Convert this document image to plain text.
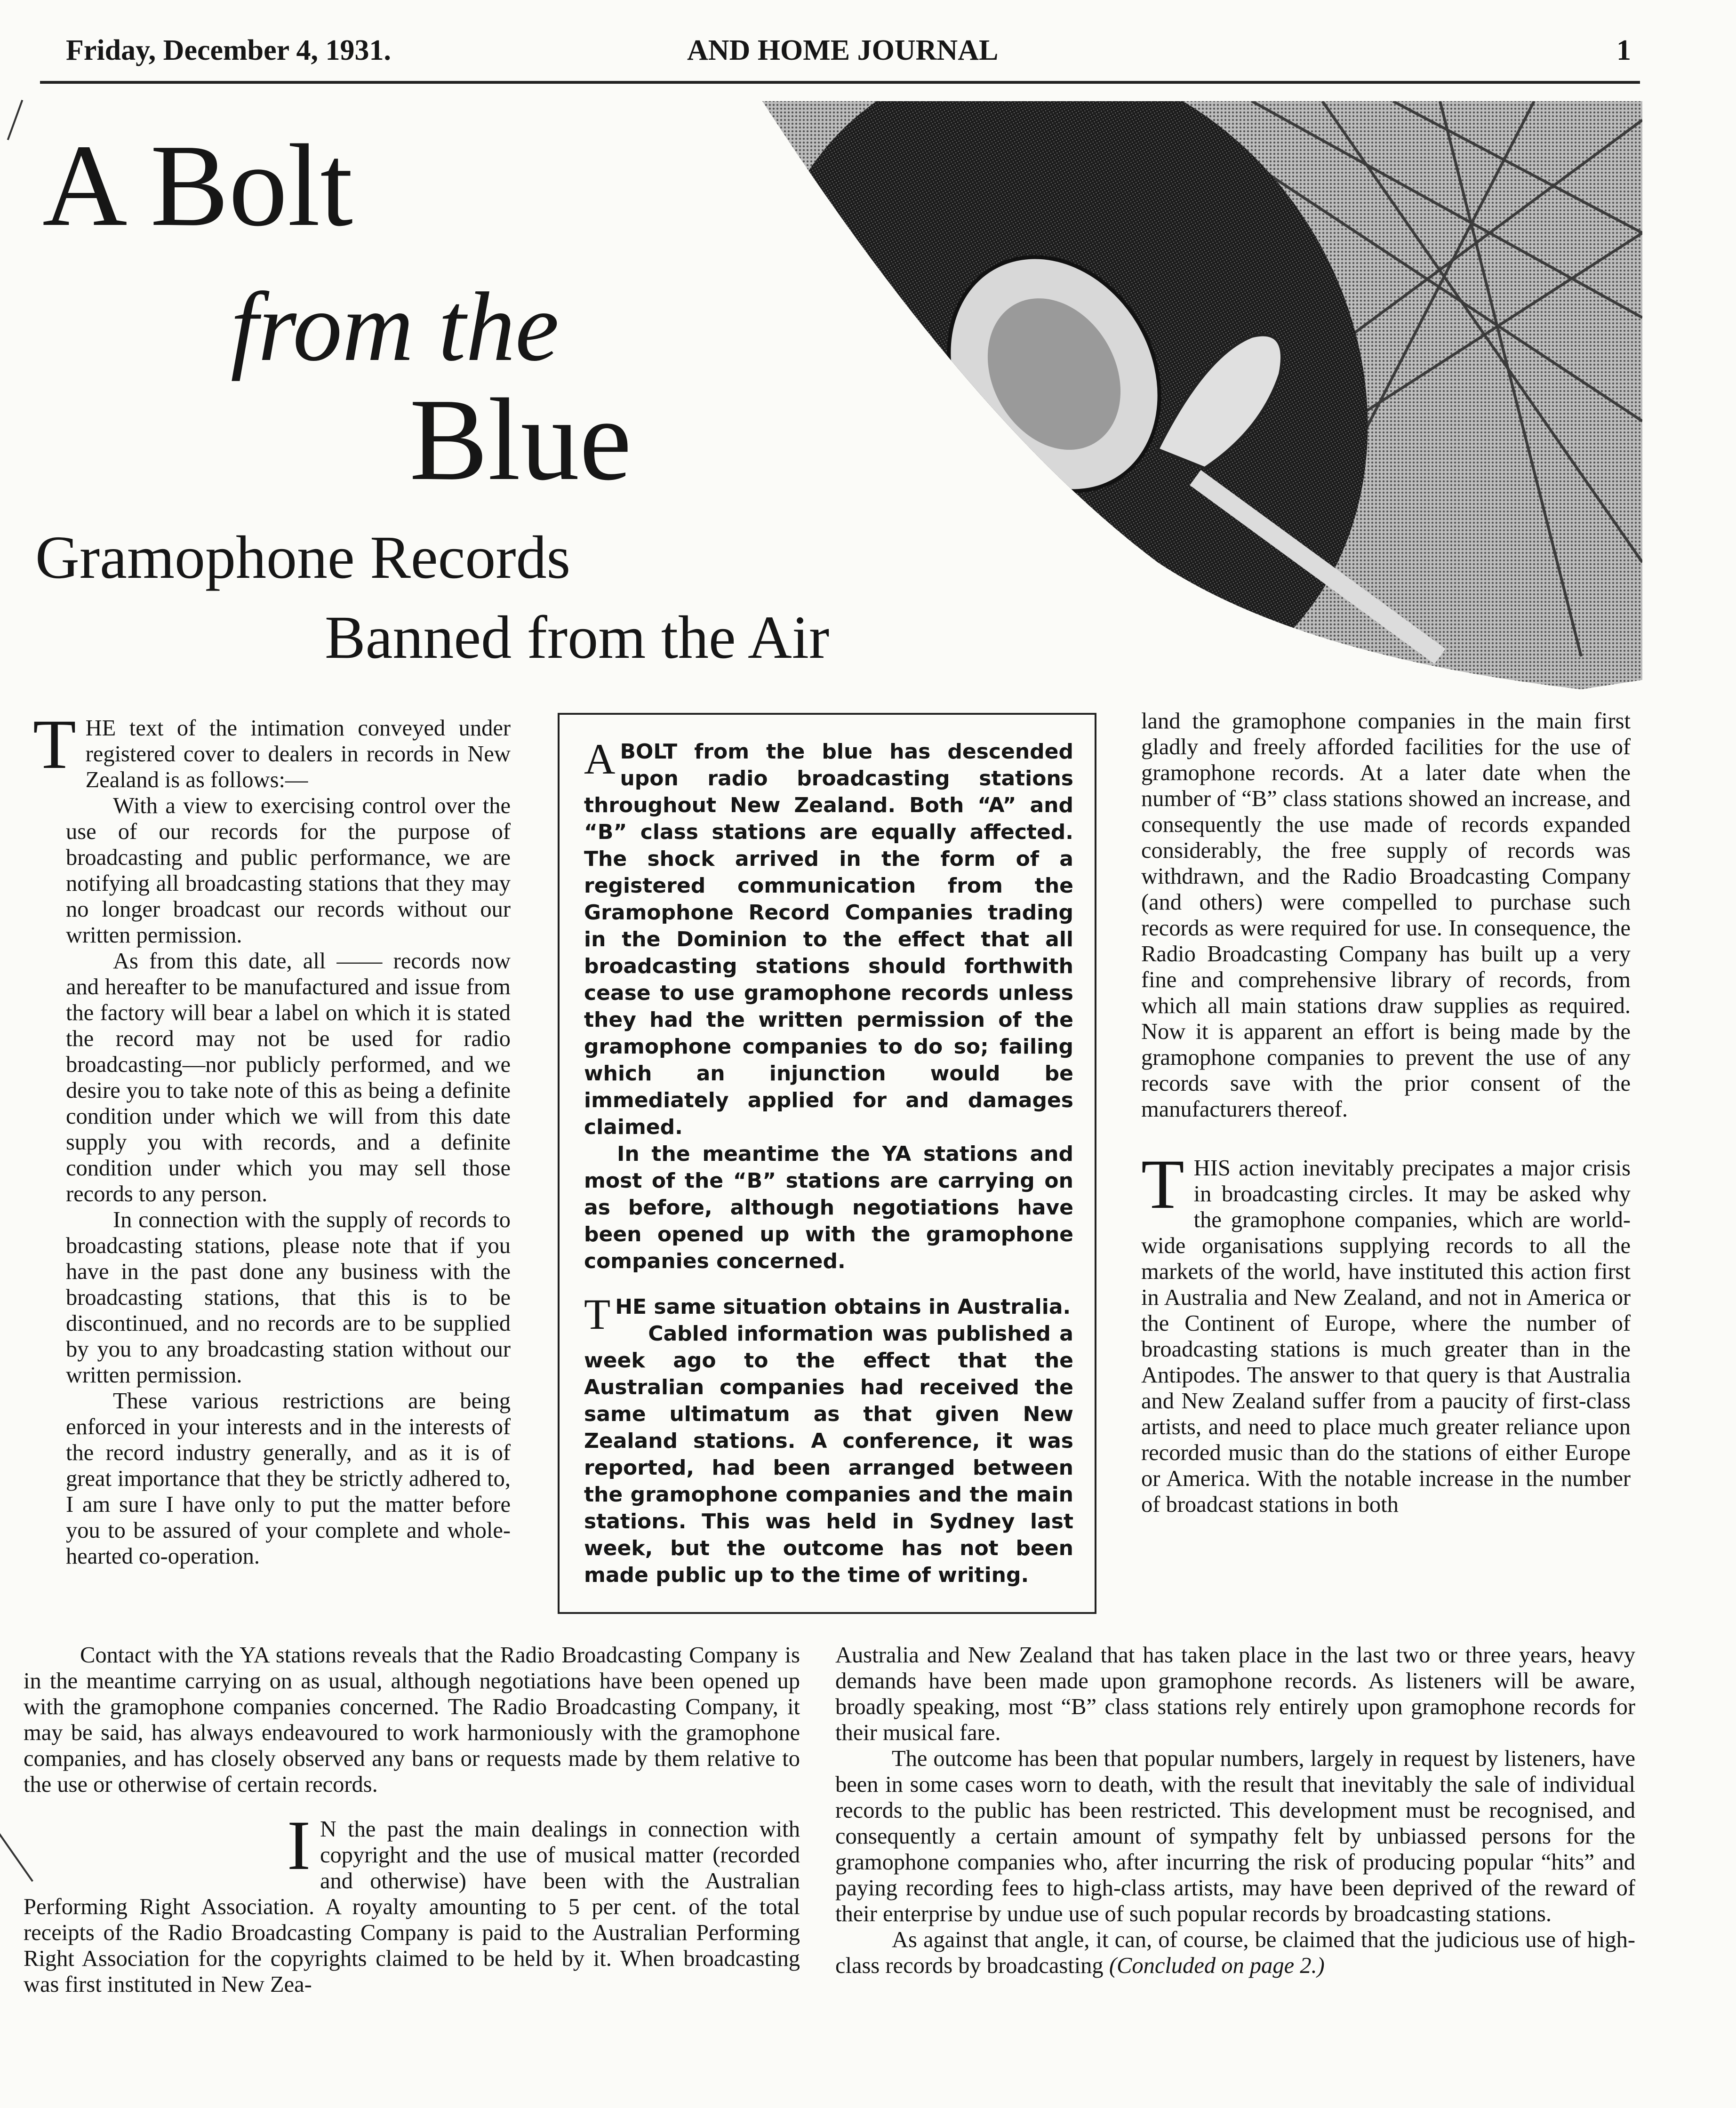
Friday, December 4, 1931.	AND HOME JOURNAL	1
A Bolt
from the
Blue
Gramophone Records
Banned from the Air

THE text of the intimation conveyed under registered cover to dealers in records in New Zealand is as follows:—

With a view to exercising control over the use of our records for the purpose of broadcasting and public performance, we are notifying all broadcasting stations that they may no longer broadcast our records without our written permission.

As from this date, all —— records now and hereafter to be manufactured and issue from the factory will bear a label on which it is stated the record may not be used for radio broadcasting—nor publicly performed, and we desire you to take note of this as being a definite condition under which we will from this date supply you with records, and a definite condition under which you may sell those records to any person.

In connection with the supply of records to broadcasting stations, please note that if you have in the past done any business with the broadcasting stations, that this is to be discontinued, and no records are to be supplied by you to any broadcasting station without our written permission.

These various restrictions are being enforced in your interests and in the interests of the record industry generally, and as it is of great importance that they be strictly adhered to, I am sure I have only to put the matter before you to be assured of your complete and whole-hearted co-operation.

ABOLT from the blue has descended upon radio broadcasting stations throughout New Zealand. Both “A” and “B” class stations are equally affected. The shock arrived in the form of a registered communication from the Gramophone Record Companies trading in the Dominion to the effect that all broadcasting stations should forthwith cease to use gramophone records unless they had the written permission of the gramophone companies to do so; failing which an injunction would be immediately applied for and damages claimed.

In the meantime the YA stations and most of the “B” stations are carrying on as before, although negotiations have been opened up with the gramophone companies concerned.

THE same situation obtains in Australia.

Cabled information was published a week ago to the effect that the Australian companies had received the same ultimatum as that given New Zealand stations. A conference, it was reported, had been arranged between the gramophone companies and the main stations. This was held in Sydney last week, but the outcome has not been made public up to the time of writing.

land the gramophone companies in the main first gladly and freely afforded facilities for the use of gramophone records. At a later date when the number of “B” class stations showed an increase, and consequently the use made of records expanded considerably, the free supply of records was withdrawn, and the Radio Broadcasting Company (and others) were compelled to purchase such records as were required for use. In consequence, the Radio Broadcasting Company has built up a very fine and comprehensive library of records, from which all main stations draw supplies as required. Now it is apparent an effort is being made by the gramophone companies to prevent the use of any records save with the prior consent of the manufacturers thereof.

THIS action inevitably precipates a major crisis in broadcasting circles. It may be asked why the gramophone companies, which are world-wide organisations supplying records to all the markets of the world, have instituted this action first in Australia and New Zealand, and not in America or the Continent of Europe, where the number of broadcasting stations is much greater than in the Antipodes. The answer to that query is that Australia and New Zealand suffer from a paucity of first-class artists, and need to place much greater reliance upon recorded music than do the stations of either Europe or America. With the notable increase in the number of broadcast stations in both

Contact with the YA stations reveals that the Radio Broadcasting Company is in the meantime carrying on as usual, although negotiations have been opened up with the gramophone companies concerned. The Radio Broadcasting Company, it may be said, has always endeavoured to work harmoniously with the gramophone companies, and has closely observed any bans or requests made by them relative to the use or otherwise of certain records.

I N the past the main dealings in connection with copyright and the use of musical matter (recorded and otherwise) have been with the Australian Performing Right Association. A royalty amounting to 5 per cent. of the total receipts of the Radio Broadcasting Company is paid to the Australian Performing Right Association for the copyrights claimed to be held by it. When broadcasting was first instituted in New Zea-

Australia and New Zealand that has taken place in the last two or three years, heavy demands have been made upon gramophone records. As listeners will be aware, broadly speaking, most “B” class stations rely entirely upon gramophone records for their musical fare.

The outcome has been that popular numbers, largely in request by listeners, have been in some cases worn to death, with the result that inevitably the sale of individual records to the public has been restricted. This development must be recognised, and consequently a certain amount of sympathy felt by unbiassed persons for the gramophone companies who, after incurring the risk of producing popular “hits” and paying recording fees to high-class artists, may have been deprived of the reward of their enterprise by undue use of such popular records by broadcasting stations.

As against that angle, it can, of course, be claimed that the judicious use of high-class records by broadcasting (Concluded on page 2.)
